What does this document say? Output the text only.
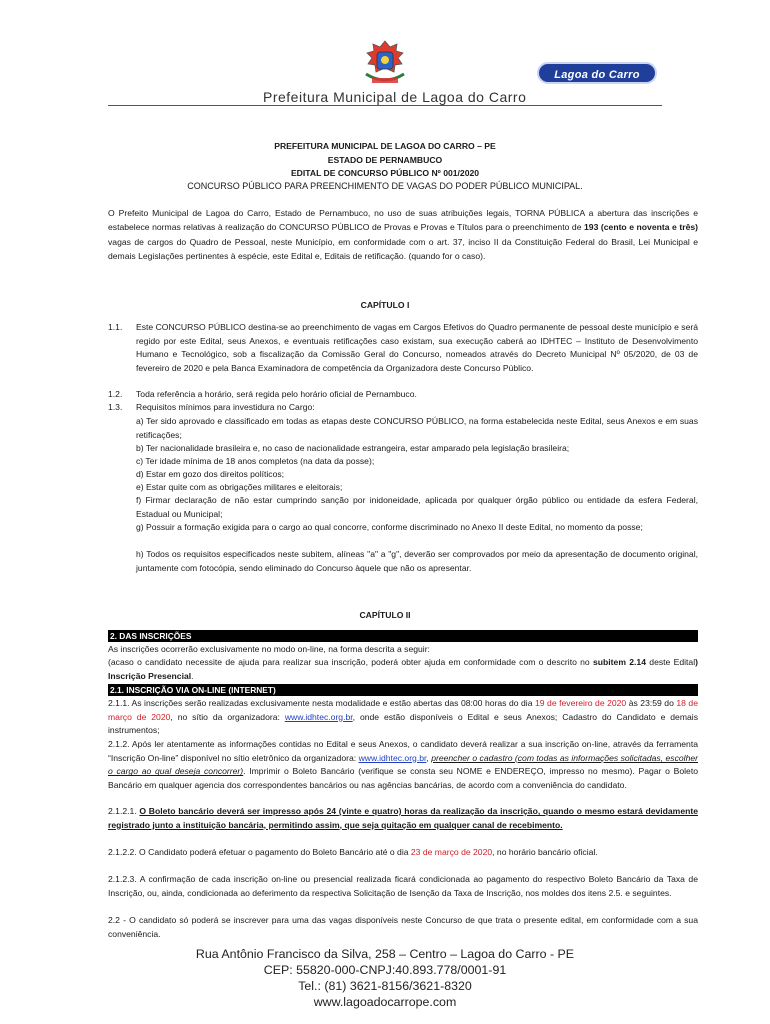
Lagoa do Carro
Prefeitura Municipal de Lagoa do Carro
PREFEITURA MUNICIPAL DE LAGOA DO CARRO – PE
ESTADO DE PERNAMBUCO
EDITAL DE CONCURSO PÚBLICO Nº 001/2020
CONCURSO PÚBLICO PARA PREENCHIMENTO DE VAGAS DO PODER PÚBLICO MUNICIPAL.
O Prefeito Municipal de Lagoa do Carro, Estado de Pernambuco, no uso de suas atribuições legais, TORNA PÚBLICA a abertura das inscrições e estabelece normas relativas à realização do CONCURSO PÚBLICO de Provas e Provas e Títulos para o preenchimento de 193 (cento e noventa e três) vagas de cargos do Quadro de Pessoal, neste Município, em conformidade com o art. 37, inciso II da Constituição Federal do Brasil, Lei Municipal e demais Legislações pertinentes à espécie, este Edital e, Editais de retificação. (quando for o caso).
CAPÍTULO I
1.1. Este CONCURSO PÚBLICO destina-se ao preenchimento de vagas em Cargos Efetivos do Quadro permanente de pessoal deste município e será regido por este Edital, seus Anexos, e eventuais retificações caso existam, sua execução caberá ao IDHTEC – Instituto de Desenvolvimento Humano e Tecnológico, sob a fiscalização da Comissão Geral do Concurso, nomeados através do Decreto Municipal Nº 05/2020, de 03 de fevereiro de 2020 e pela Banca Examinadora de competência da Organizadora deste Concurso Público.
1.2. Toda referência a horário, será regida pelo horário oficial de Pernambuco.
1.3. Requisitos mínimos para investidura no Cargo:
a) Ter sido aprovado e classificado em todas as etapas deste CONCURSO PÚBLICO, na forma estabelecida neste Edital, seus Anexos e em suas retificações;
b) Ter nacionalidade brasileira e, no caso de nacionalidade estrangeira, estar amparado pela legislação brasileira;
c) Ter idade mínima de 18 anos completos (na data da posse);
d) Estar em gozo dos direitos políticos;
e) Estar quite com as obrigações militares e eleitorais;
f) Firmar declaração de não estar cumprindo sanção por inidoneidade, aplicada por qualquer órgão público ou entidade da esfera Federal, Estadual ou Municipal;
g) Possuir a formação exigida para o cargo ao qual concorre, conforme discriminado no Anexo II deste Edital, no momento da posse;
h) Todos os requisitos especificados neste subitem, alíneas "a" a "g", deverão ser comprovados por meio da apresentação de documento original, juntamente com fotocópia, sendo eliminado do Concurso àquele que não os apresentar.
CAPÍTULO II
2. DAS INSCRIÇÕES
As inscrições ocorrerão exclusivamente no modo on-line, na forma descrita a seguir:
(acaso o candidato necessite de ajuda para realizar sua inscrição, poderá obter ajuda em conformidade com o descrito no subitem 2.14 deste Edital) Inscrição Presencial.
2.1. INSCRIÇÃO VIA ON-LINE (INTERNET)
2.1.1. As inscrições serão realizadas exclusivamente nesta modalidade e estão abertas das 08:00 horas do dia 19 de fevereiro de 2020 às 23:59 do 18 de março de 2020, no sítio da organizadora: www.idhtec.org.br, onde estão disponíveis o Edital e seus Anexos; Cadastro do Candidato e demais instrumentos;
2.1.2. Após ler atentamente as informações contidas no Edital e seus Anexos, o candidato deverá realizar a sua inscrição on-line, através da ferramenta “Inscrição On-line” disponível no sítio eletrônico da organizadora: www.idhtec.org.br, preencher o cadastro (com todas as informações solicitadas, escolher o cargo ao qual deseja concorrer). Imprimir o Boleto Bancário (verifique se consta seu NOME e ENDEREÇO, impresso no mesmo). Pagar o Boleto Bancário em qualquer agencia dos correspondentes bancários ou nas agências bancárias, de acordo com a conveniência do candidato.
2.1.2.1. O Boleto bancário deverá ser impresso após 24 (vinte e quatro) horas da realização da inscrição, quando o mesmo estará devidamente registrado junto a instituição bancária, permitindo assim, que seja quitação em qualquer canal de recebimento.
2.1.2.2. O Candidato poderá efetuar o pagamento do Boleto Bancário até o dia 23 de março de 2020, no horário bancário oficial.
2.1.2.3. A confirmação de cada inscrição on-line ou presencial realizada ficará condicionada ao pagamento do respectivo Boleto Bancário da Taxa de Inscrição, ou, ainda, condicionada ao deferimento da respectiva Solicitação de Isenção da Taxa de Inscrição, nos moldes dos itens 2.5. e seguintes.
2.2 - O candidato só poderá se inscrever para uma das vagas disponíveis neste Concurso de que trata o presente edital, em conformidade com a sua conveniência.
Rua Antônio Francisco da Silva, 258 – Centro – Lagoa do Carro - PE
CEP: 55820-000-CNPJ:40.893.778/0001-91
Tel.: (81) 3621-8156/3621-8320
www.lagoadocarrope.com
